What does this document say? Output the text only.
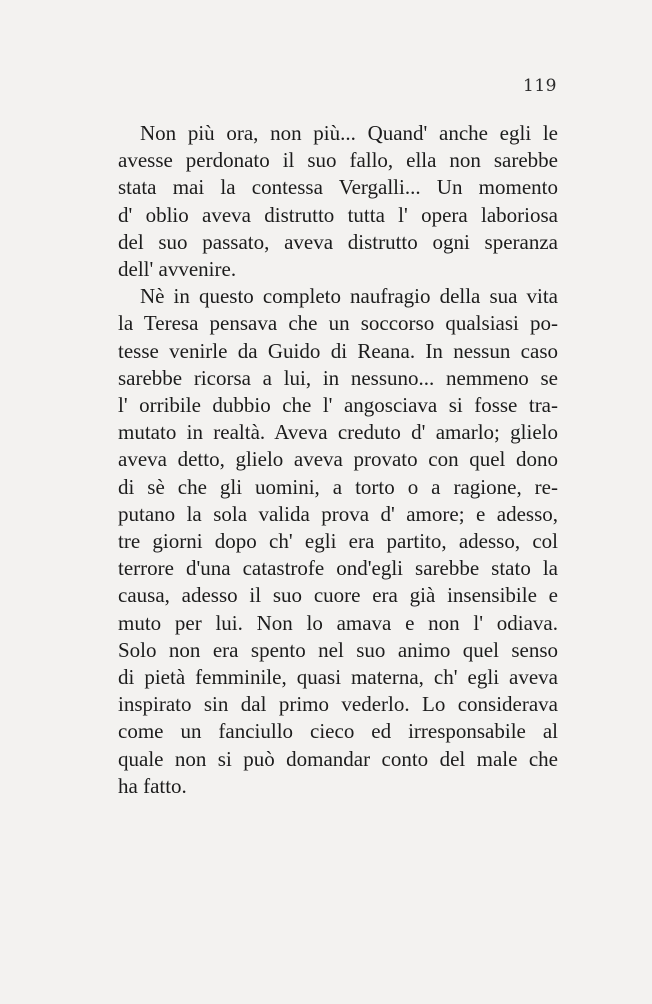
119

Non più ora, non più... Quand' anche egli le

avesse perdonato il suo fallo, ella non sarebbe

stata mai la contessa Vergalli... Un momento

d' oblio aveva distrutto tutta l' opera laboriosa

del suo passato, aveva distrutto ogni speranza

dell' avvenire.

Nè in questo completo naufragio della sua vita

la Teresa pensava che un soccorso qualsiasi po-

tesse venirle da Guido di Reana. In nessun caso

sarebbe ricorsa a lui, in nessuno... nemmeno se

l' orribile dubbio che l' angosciava si fosse tra-

mutato in realtà. Aveva creduto d' amarlo; glielo

aveva detto, glielo aveva provato con quel dono

di sè che gli uomini, a torto o a ragione, re-

putano la sola valida prova d' amore; e adesso,

tre giorni dopo ch' egli era partito, adesso, col

terrore d'una catastrofe ond'egli sarebbe stato la

causa, adesso il suo cuore era già insensibile e

muto per lui. Non lo amava e non l' odiava.

Solo non era spento nel suo animo quel senso

di pietà femminile, quasi materna, ch' egli aveva

inspirato sin dal primo vederlo. Lo considerava

come un fanciullo cieco ed irresponsabile al

quale non si può domandar conto del male che

ha fatto.
